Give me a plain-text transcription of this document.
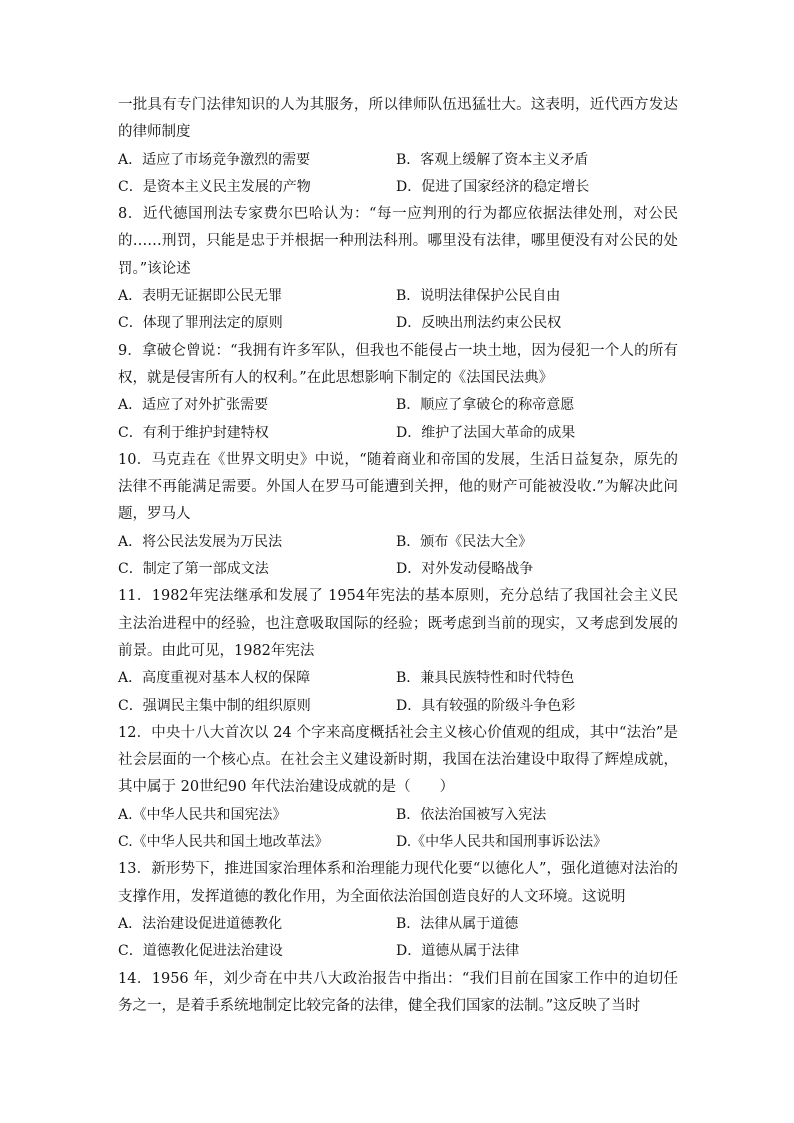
一批具有专门法律知识的人为其服务，所以律师队伍迅猛壮大。这表明，近代西方发达的律师制度

A．适应了市场竞争激烈的需要	B．客观上缓解了资本主义矛盾
C．是资本主义民主发展的产物	D．促进了国家经济的稳定增长

8．近代德国刑法专家费尔巴哈认为：“每一应判刑的行为都应依据法律处刑，对公民的……刑罚，只能是忠于并根据一种刑法科刑。哪里没有法律，哪里便没有对公民的处罚。”该论述

A．表明无证据即公民无罪	B．说明法律保护公民自由
C．体现了罪刑法定的原则	D．反映出刑法约束公民权

9．拿破仑曾说：“我拥有许多军队，但我也不能侵占一块土地，因为侵犯一个人的所有权，就是侵害所有人的权利。”在此思想影响下制定的《法国民法典》

A．适应了对外扩张需要	B．顺应了拿破仑的称帝意愿
C．有利于维护封建特权	D．维护了法国大革命的成果

10．马克垚在《世界文明史》中说，“随着商业和帝国的发展，生活日益复杂，原先的法律不再能满足需要。外国人在罗马可能遭到关押，他的财产可能被没收.”为解决此问题，罗马人

A．将公民法发展为万民法	B．颁布《民法大全》
C．制定了第一部成文法	D．对外发动侵略战争

11．1982年宪法继承和发展了 1954年宪法的基本原则，充分总结了我国社会主义民主法治进程中的经验，也注意吸取国际的经验；既考虑到当前的现实，又考虑到发展的前景。由此可见，1982年宪法

A．高度重视对基本人权的保障	B．兼具民族特性和时代特色
C．强调民主集中制的组织原则	D．具有较强的阶级斗争色彩

12．中央十八大首次以 24 个字来高度概括社会主义核心价值观的组成，其中“法治”是社会层面的一个核心点。在社会主义建设新时期，我国在法治建设中取得了辉煌成就，其中属于 20世纪90 年代法治建设成就的是（　　）

A.《中华人民共和国宪法》	B．依法治国被写入宪法
C.《中华人民共和国土地改革法》	D.《中华人民共和国刑事诉讼法》

13．新形势下，推进国家治理体系和治理能力现代化要“以德化人”，强化道德对法治的支撑作用，发挥道德的教化作用，为全面依法治国创造良好的人文环境。这说明

A．法治建设促进道德教化	B．法律从属于道德
C．道德教化促进法治建设	D．道德从属于法律

14．1956 年，刘少奇在中共八大政治报告中指出：“我们目前在国家工作中的迫切任务之一，是着手系统地制定比较完备的法律，健全我们国家的法制。”这反映了当时
